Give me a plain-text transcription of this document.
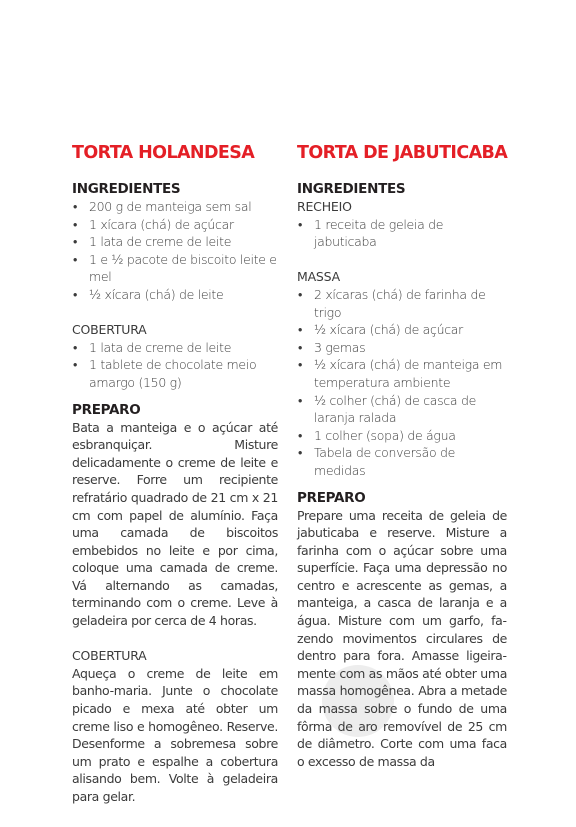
TORTA HOLANDESA
INGREDIENTES
• 200 g de manteiga sem sal
• 1 xícara (chá) de açúcar
• 1 lata de creme de leite
• 1 e ½ pacote de biscoito leite e mel
• ½ xícara (chá) de leite
COBERTURA
• 1 lata de creme de leite
• 1 tablete de chocolate meio amargo (150 g)
PREPARO

Bata a manteiga e o açúcar até esbranquiçar. Misture delicadamente o creme de leite e reserve. Forre um recipiente refratário quadrado de 21 cm x 21 cm com papel de alumínio. Faça uma camada de biscoitos embebidos no leite e por cima, coloque uma camada de creme. Vá alternando as camadas, terminando com o creme. Leve à geladeira por cerca de 4 horas.

COBERTURA

Aqueça o creme de leite em banho-maria. Junte o chocolate picado e mexa até obter um creme liso e homogêneo. Reserve. Desenforme a sobremesa sobre um prato e espalhe a cobertura alisando bem. Volte à geladeira para gelar.

TORTA DE JABUTICABA
INGREDIENTES
RECHEIO
• 1 receita de geleia de jabuticaba
MASSA
• 2 xícaras (chá) de farinha de trigo
• ½ xícara (chá) de açúcar
• 3 gemas
• ½ xícara (chá) de manteiga em temperatura ambiente
• ½ colher (chá) de casca de laranja ralada
• 1 colher (sopa) de água
• Tabela de conversão de medidas
PREPARO

Prepare uma receita de geleia de jabuticaba e reserve. Misture a farinha com o açúcar sobre uma superfície. Faça uma depressão no centro e acrescente as gemas, a manteiga, a casca de laranja e a água. Misture com um garfo, fazendo movimentos circulares de dentro para fora. Amasse ligeiramente com as mãos até obter uma massa homogênea. Abra a metade da massa sobre o fundo de uma fôrma de aro removível de 25 cm de diâmetro. Corte com uma faca o excesso de massa da
